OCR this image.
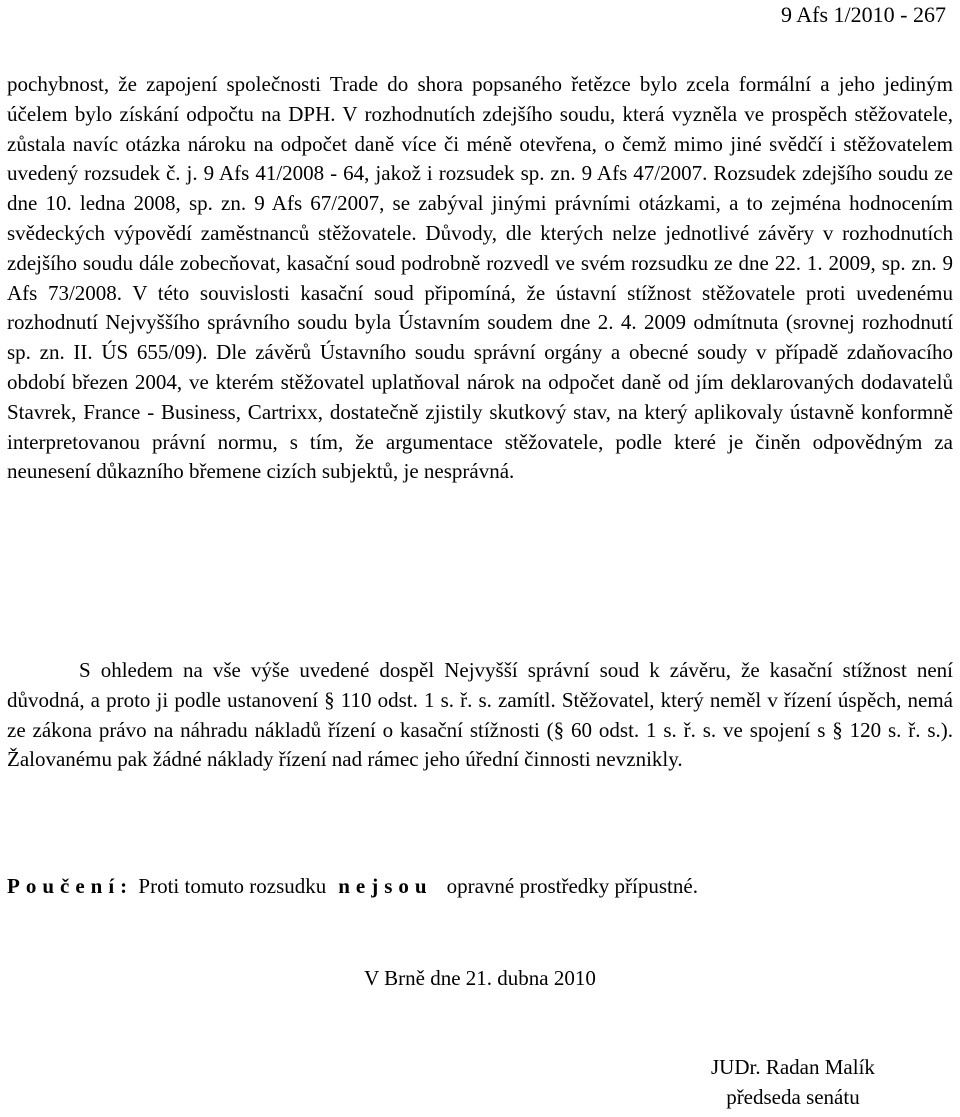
9 Afs 1/2010 - 267

pochybnost, že zapojení společnosti Trade do shora popsaného řetězce bylo zcela formální a jeho jediným účelem bylo získání odpočtu na DPH. V rozhodnutích zdejšího soudu, která vyzněla ve prospěch stěžovatele, zůstala navíc otázka nároku na odpočet daně více či méně otevřena, o čemž mimo jiné svědčí i stěžovatelem uvedený rozsudek č. j. 9 Afs 41/2008 - 64, jakož i rozsudek sp. zn. 9 Afs 47/2007. Rozsudek zdejšího soudu ze dne 10. ledna 2008, sp. zn. 9 Afs 67/2007, se zabýval jinými právními otázkami, a to zejména hodnocením svědeckých výpovědí zaměstnanců stěžovatele. Důvody, dle kterých nelze jednotlivé závěry v rozhodnutích zdejšího soudu dále zobecňovat, kasační soud podrobně rozvedl ve svém rozsudku ze dne 22. 1. 2009, sp. zn. 9 Afs 73/2008. V této souvislosti kasační soud připomíná, že ústavní stížnost stěžovatele proti uvedenému rozhodnutí Nejvyššího správního soudu byla Ústavním soudem dne 2. 4. 2009 odmítnuta (srovnej rozhodnutí sp. zn. II. ÚS 655/09). Dle závěrů Ústavního soudu správní orgány a obecné soudy v případě zdaňovacího období březen 2004, ve kterém stěžovatel uplatňoval nárok na odpočet daně od jím deklarovaných dodavatelů Stavrek, France - Business, Cartrixx, dostatečně zjistily skutkový stav, na který aplikovaly ústavně konformně interpretovanou právní normu, s tím, že argumentace stěžovatele, podle které je činěn odpovědným za neunesení důkazního břemene cizích subjektů, je nesprávná.

S ohledem na vše výše uvedené dospěl Nejvyšší správní soud k závěru, že kasační stížnost není důvodná, a proto ji podle ustanovení § 110 odst. 1 s. ř. s. zamítl. Stěžovatel, který neměl v řízení úspěch, nemá ze zákona právo na náhradu nákladů řízení o kasační stížnosti (§ 60 odst. 1 s. ř. s. ve spojení s § 120 s. ř. s.). Žalovanému pak žádné náklady řízení nad rámec jeho úřední činnosti nevznikly.

Poučení: Proti tomuto rozsudku nejsou opravné prostředky přípustné.
V Brně dne 21. dubna 2010
JUDr. Radan Malík
předseda senátu
